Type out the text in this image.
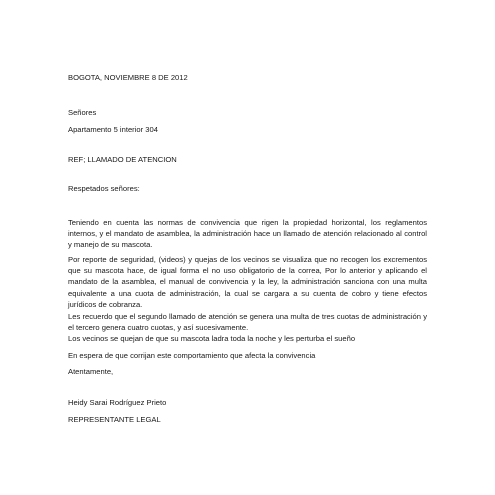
BOGOTA, NOVIEMBRE 8 DE 2012

Señores

Apartamento 5 interior 304

REF; LLAMADO DE ATENCION

Respetados señores:

Teniendo en cuenta las normas de convivencia que rigen la propiedad horizontal, los reglamentos internos, y el mandato de asamblea, la administración hace un llamado de atención relacionado al control y manejo de su mascota.

Por reporte de seguridad, (videos) y quejas de los vecinos se visualiza que no recogen los excrementos que su mascota hace, de igual forma el no uso obligatorio de la correa, Por lo anterior y aplicando el mandato de la asamblea, el manual de convivencia y la ley, la administración sanciona con una multa equivalente a una cuota de administración, la cual se cargara a su cuenta de cobro y tiene efectos jurídicos de cobranza.

Les recuerdo que el segundo llamado de atención se genera una multa de tres cuotas de administración y el tercero genera cuatro cuotas, y así sucesivamente.

Los vecinos se quejan de que su mascota ladra toda la noche y les perturba el sueño

En espera de que corrijan este comportamiento que afecta la convivencia

Atentamente,

Heidy Sarai Rodríguez Prieto

REPRESENTANTE LEGAL
